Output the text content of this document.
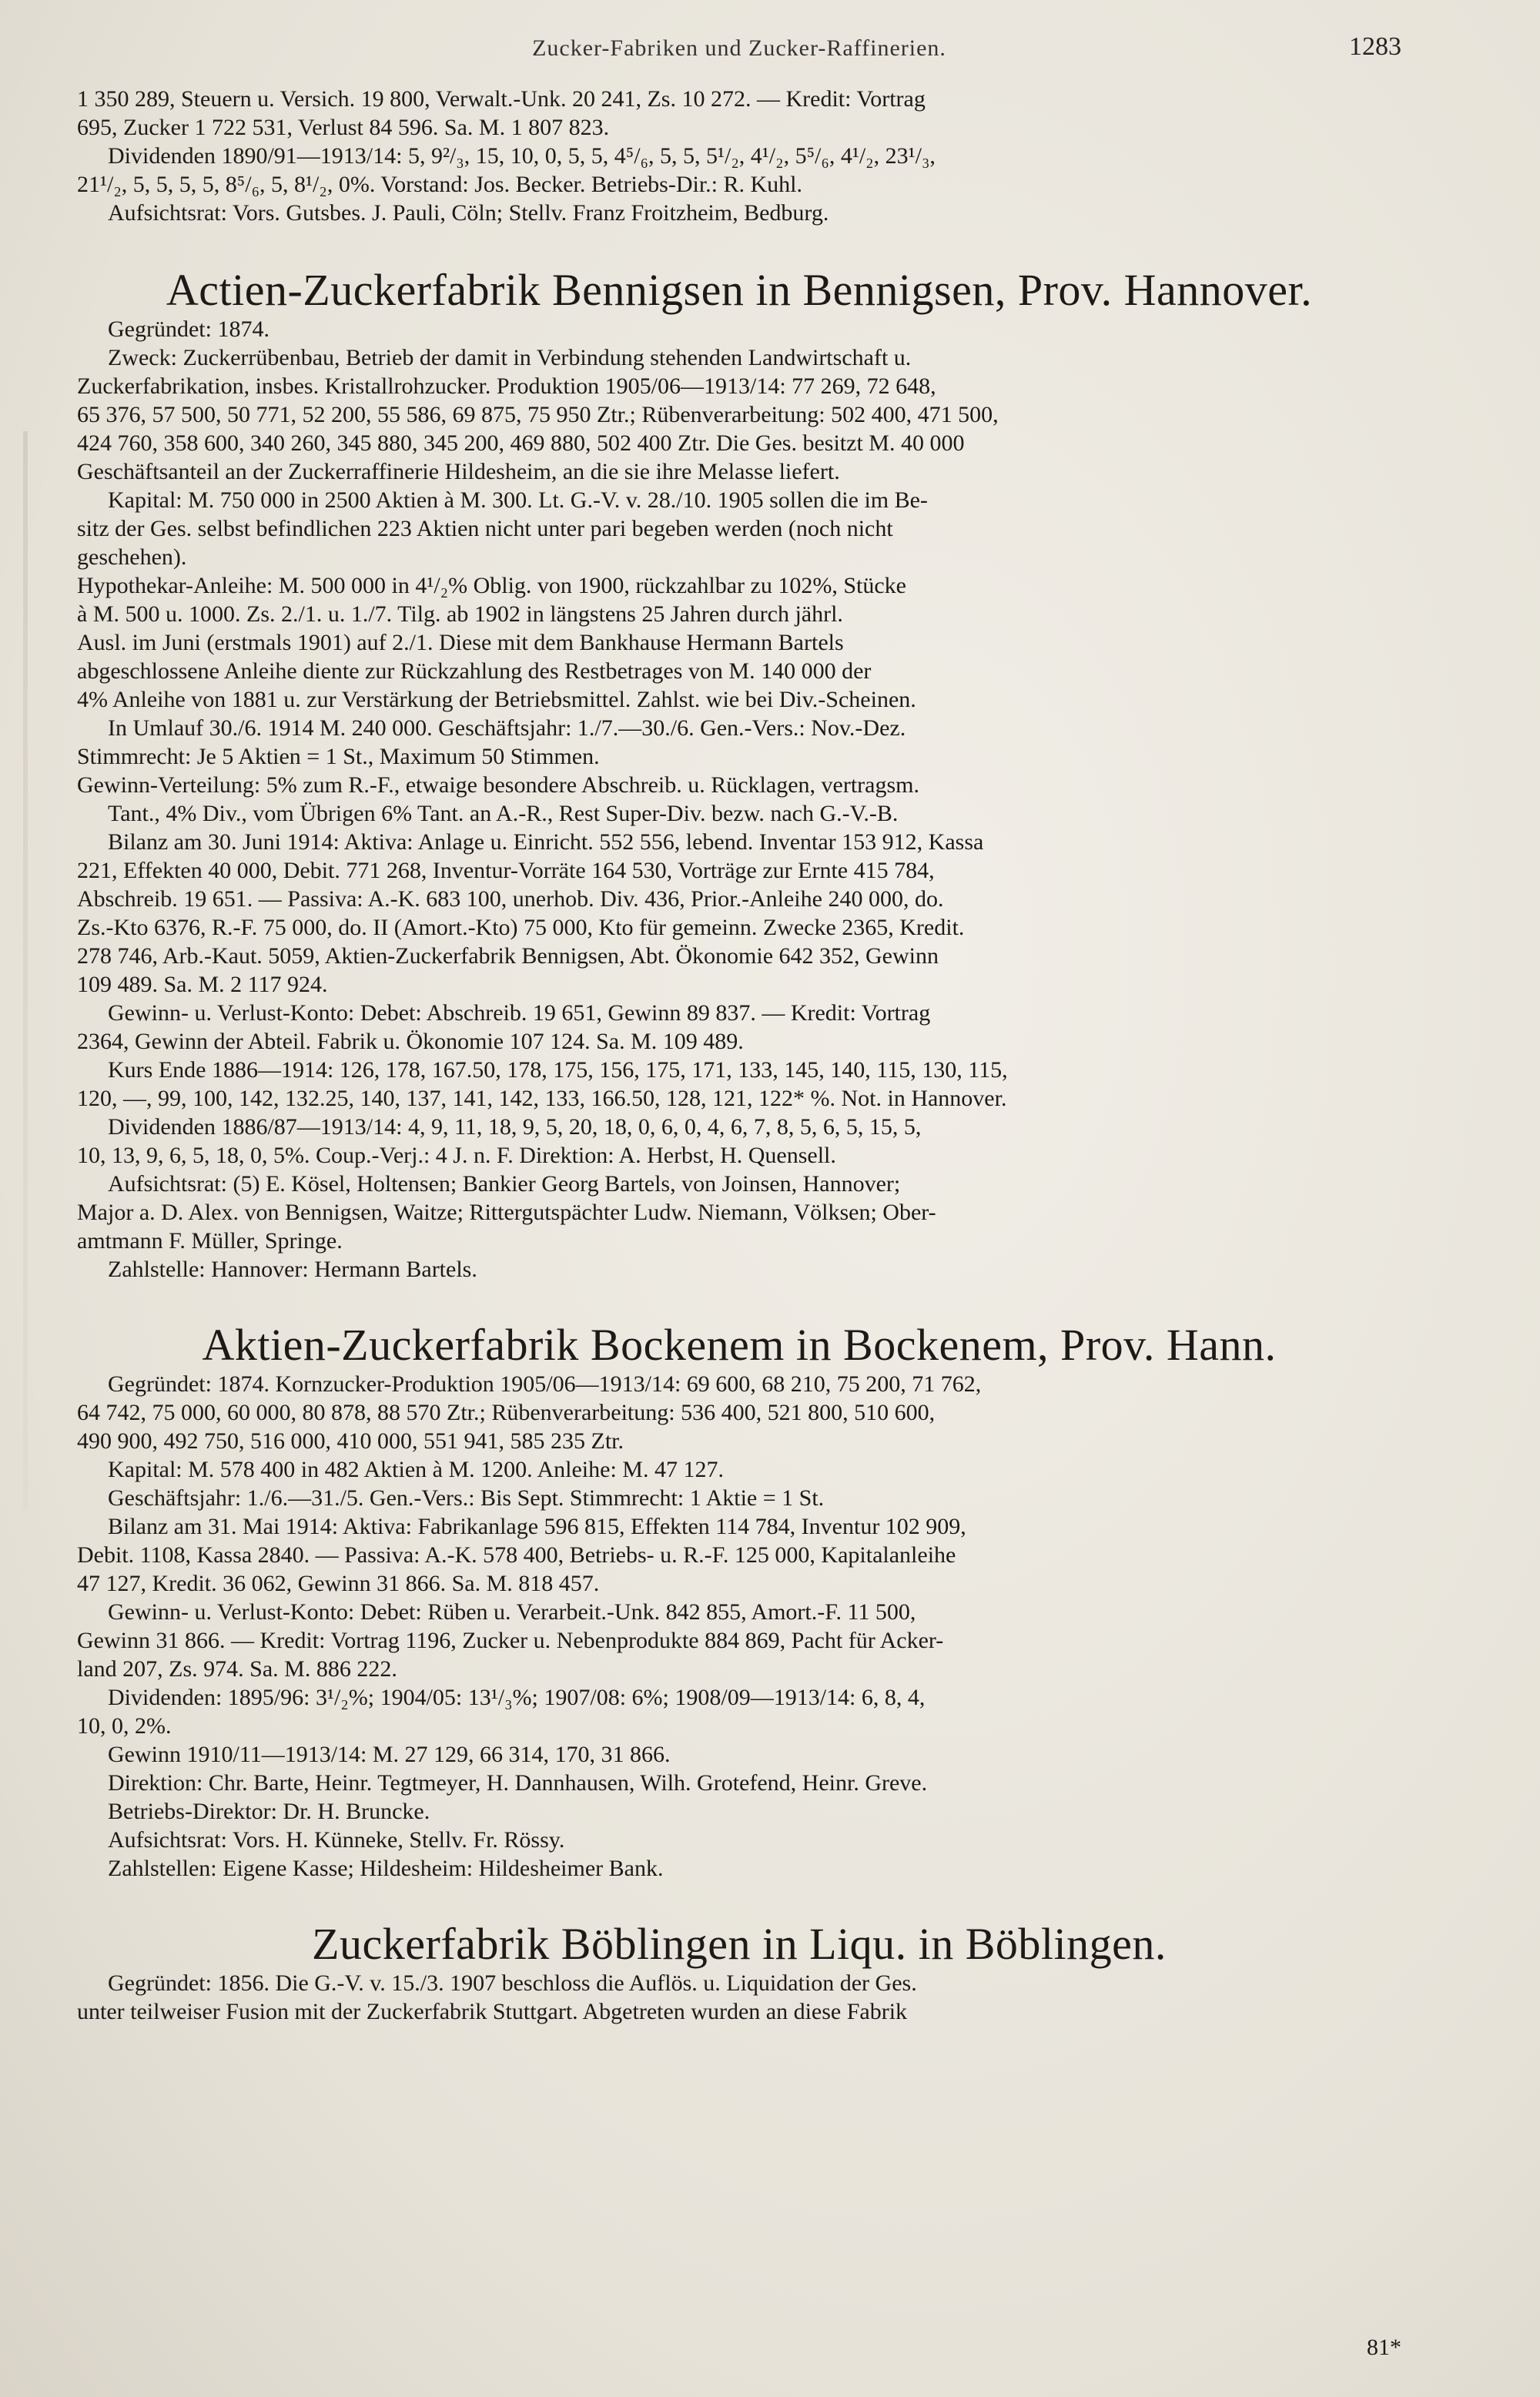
Zucker-Fabriken und Zucker-Raffinerien.	1283

1 350 289, Steuern u. Versich. 19 800, Verwalt.-Unk. 20 241, Zs. 10 272. — Kredit: Vortrag

695, Zucker 1 722 531, Verlust 84 596. Sa. M. 1 807 823.

Dividenden 1890/91—1913/14: 5, 9²/₃, 15, 10, 0, 5, 5, 4⁵/₆, 5, 5, 5¹/₂, 4¹/₂, 5⁵/₆, 4¹/₂, 23¹/₃,

21¹/₂, 5, 5, 5, 5, 8⁵/₆, 5, 8¹/₂, 0%. Vorstand: Jos. Becker. Betriebs-Dir.: R. Kuhl.

Aufsichtsrat: Vors. Gutsbes. J. Pauli, Cöln; Stellv. Franz Froitzheim, Bedburg.

Actien-Zuckerfabrik Bennigsen in Bennigsen, Prov. Hannover.

Gegründet: 1874.

Zweck: Zuckerrübenbau, Betrieb der damit in Verbindung stehenden Landwirtschaft u.

Zuckerfabrikation, insbes. Kristallrohzucker. Produktion 1905/06—1913/14: 77 269, 72 648,

65 376, 57 500, 50 771, 52 200, 55 586, 69 875, 75 950 Ztr.; Rübenverarbeitung: 502 400, 471 500,

424 760, 358 600, 340 260, 345 880, 345 200, 469 880, 502 400 Ztr. Die Ges. besitzt M. 40 000

Geschäftsanteil an der Zuckerraffinerie Hildesheim, an die sie ihre Melasse liefert.

Kapital: M. 750 000 in 2500 Aktien à M. 300. Lt. G.-V. v. 28./10. 1905 sollen die im Be-

sitz der Ges. selbst befindlichen 223 Aktien nicht unter pari begeben werden (noch nicht

geschehen).

Hypothekar-Anleihe: M. 500 000 in 4¹/₂% Oblig. von 1900, rückzahlbar zu 102%, Stücke

à M. 500 u. 1000. Zs. 2./1. u. 1./7. Tilg. ab 1902 in längstens 25 Jahren durch jährl.

Ausl. im Juni (erstmals 1901) auf 2./1. Diese mit dem Bankhause Hermann Bartels

abgeschlossene Anleihe diente zur Rückzahlung des Restbetrages von M. 140 000 der

4% Anleihe von 1881 u. zur Verstärkung der Betriebsmittel. Zahlst. wie bei Div.-Scheinen.

In Umlauf 30./6. 1914 M. 240 000. Geschäftsjahr: 1./7.—30./6. Gen.-Vers.: Nov.-Dez.

Stimmrecht: Je 5 Aktien = 1 St., Maximum 50 Stimmen.

Gewinn-Verteilung: 5% zum R.-F., etwaige besondere Abschreib. u. Rücklagen, vertragsm.

Tant., 4% Div., vom Übrigen 6% Tant. an A.-R., Rest Super-Div. bezw. nach G.-V.-B.

Bilanz am 30. Juni 1914: Aktiva: Anlage u. Einricht. 552 556, lebend. Inventar 153 912, Kassa

221, Effekten 40 000, Debit. 771 268, Inventur-Vorräte 164 530, Vorträge zur Ernte 415 784,

Abschreib. 19 651. — Passiva: A.-K. 683 100, unerhob. Div. 436, Prior.-Anleihe 240 000, do.

Zs.-Kto 6376, R.-F. 75 000, do. II (Amort.-Kto) 75 000, Kto für gemeinn. Zwecke 2365, Kredit.

278 746, Arb.-Kaut. 5059, Aktien-Zuckerfabrik Bennigsen, Abt. Ökonomie 642 352, Gewinn

109 489. Sa. M. 2 117 924.

Gewinn- u. Verlust-Konto: Debet: Abschreib. 19 651, Gewinn 89 837. — Kredit: Vortrag

2364, Gewinn der Abteil. Fabrik u. Ökonomie 107 124. Sa. M. 109 489.

Kurs Ende 1886—1914: 126, 178, 167.50, 178, 175, 156, 175, 171, 133, 145, 140, 115, 130, 115,

120, —, 99, 100, 142, 132.25, 140, 137, 141, 142, 133, 166.50, 128, 121, 122* %. Not. in Hannover.

Dividenden 1886/87—1913/14: 4, 9, 11, 18, 9, 5, 20, 18, 0, 6, 0, 4, 6, 7, 8, 5, 6, 5, 15, 5,

10, 13, 9, 6, 5, 18, 0, 5%. Coup.-Verj.: 4 J. n. F. Direktion: A. Herbst, H. Quensell.

Aufsichtsrat: (5) E. Kösel, Holtensen; Bankier Georg Bartels, von Joinsen, Hannover;

Major a. D. Alex. von Bennigsen, Waitze; Rittergutspächter Ludw. Niemann, Völksen; Ober-

amtmann F. Müller, Springe.

Zahlstelle: Hannover: Hermann Bartels.

Aktien-Zuckerfabrik Bockenem in Bockenem, Prov. Hann.

Gegründet: 1874. Kornzucker-Produktion 1905/06—1913/14: 69 600, 68 210, 75 200, 71 762,

64 742, 75 000, 60 000, 80 878, 88 570 Ztr.; Rübenverarbeitung: 536 400, 521 800, 510 600,

490 900, 492 750, 516 000, 410 000, 551 941, 585 235 Ztr.

Kapital: M. 578 400 in 482 Aktien à M. 1200. Anleihe: M. 47 127.

Geschäftsjahr: 1./6.—31./5. Gen.-Vers.: Bis Sept. Stimmrecht: 1 Aktie = 1 St.

Bilanz am 31. Mai 1914: Aktiva: Fabrikanlage 596 815, Effekten 114 784, Inventur 102 909,

Debit. 1108, Kassa 2840. — Passiva: A.-K. 578 400, Betriebs- u. R.-F. 125 000, Kapitalanleihe

47 127, Kredit. 36 062, Gewinn 31 866. Sa. M. 818 457.

Gewinn- u. Verlust-Konto: Debet: Rüben u. Verarbeit.-Unk. 842 855, Amort.-F. 11 500,

Gewinn 31 866. — Kredit: Vortrag 1196, Zucker u. Nebenprodukte 884 869, Pacht für Acker-

land 207, Zs. 974. Sa. M. 886 222.

Dividenden: 1895/96: 3¹/₂%; 1904/05: 13¹/₃%; 1907/08: 6%; 1908/09—1913/14: 6, 8, 4,

10, 0, 2%.

Gewinn 1910/11—1913/14: M. 27 129, 66 314, 170, 31 866.

Direktion: Chr. Barte, Heinr. Tegtmeyer, H. Dannhausen, Wilh. Grotefend, Heinr. Greve.

Betriebs-Direktor: Dr. H. Bruncke.

Aufsichtsrat: Vors. H. Künneke, Stellv. Fr. Rössy.

Zahlstellen: Eigene Kasse; Hildesheim: Hildesheimer Bank.

Zuckerfabrik Böblingen in Liqu. in Böblingen.

Gegründet: 1856. Die G.-V. v. 15./3. 1907 beschloss die Auflös. u. Liquidation der Ges.

unter teilweiser Fusion mit der Zuckerfabrik Stuttgart. Abgetreten wurden an diese Fabrik

81*
